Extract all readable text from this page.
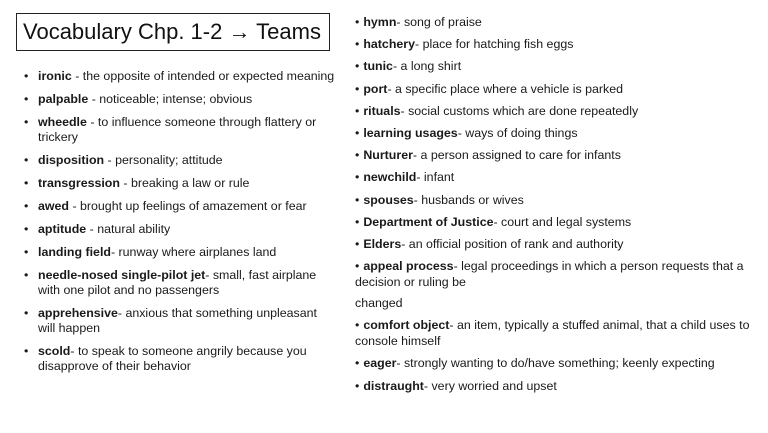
Vocabulary Chp. 1-2 → Teams
• ironic - the opposite of intended or expected meaning
• palpable - noticeable; intense; obvious
• wheedle - to influence someone through flattery or trickery
• disposition - personality; attitude
• transgression - breaking a law or rule
• awed - brought up feelings of amazement or fear
• aptitude - natural ability
• landing field- runway where airplanes land
• needle-nosed single-pilot jet- small, fast airplane with one pilot and no passengers
• apprehensive- anxious that something unpleasant will happen
• scold- to speak to someone angrily because you disapprove of their behavior
• hymn- song of praise
• hatchery- place for hatching fish eggs
• tunic- a long shirt
• port- a specific place where a vehicle is parked
• rituals- social customs which are done repeatedly
• learning usages- ways of doing things
• Nurturer- a person assigned to care for infants
• newchild- infant
• spouses- husbands or wives
• Department of Justice- court and legal systems
• Elders- an official position of rank and authority
• appeal process- legal proceedings in which a person requests that a decision or ruling be
changed
• comfort object- an item, typically a stuffed animal, that a child uses to console himself
• eager- strongly wanting to do/have something; keenly expecting
• distraught- very worried and upset
